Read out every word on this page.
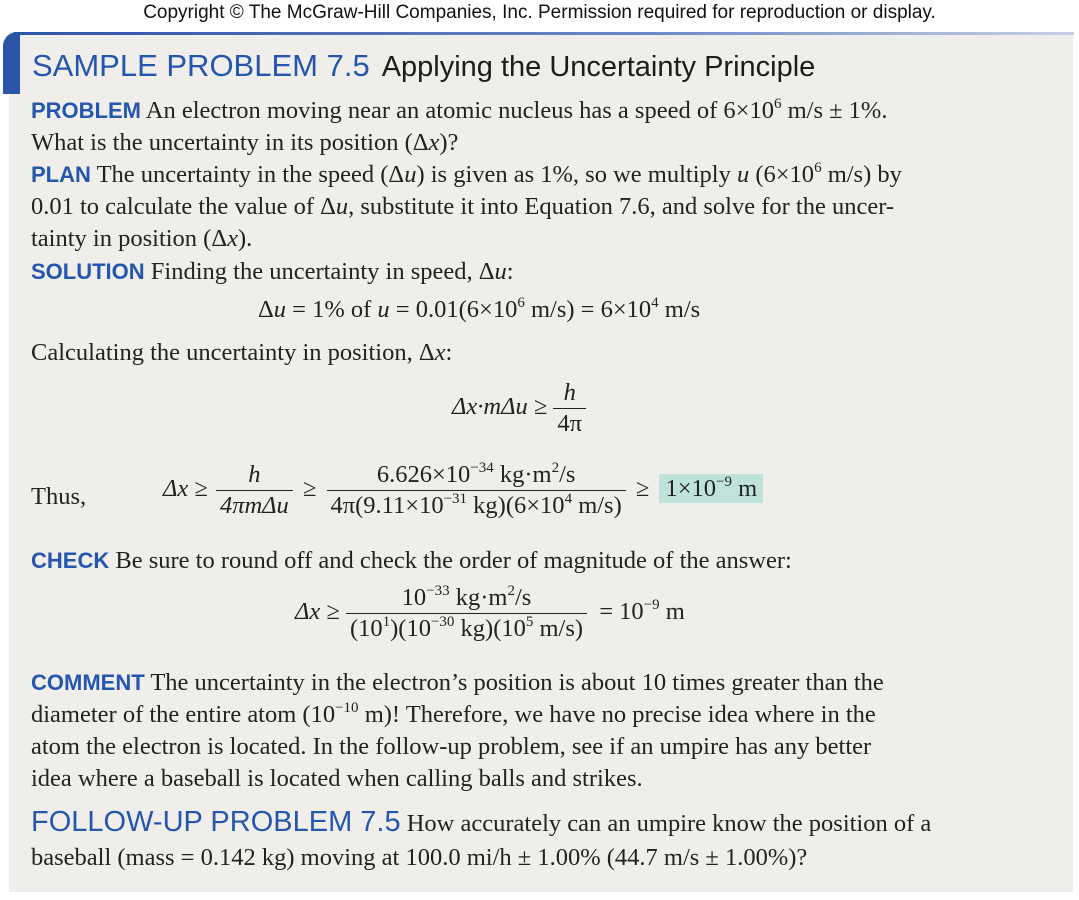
Copyright © The McGraw-Hill Companies, Inc. Permission required for reproduction or display.
SAMPLE PROBLEM 7.5 Applying the Uncertainty Principle
PROBLEM An electron moving near an atomic nucleus has a speed of $6\times 10^6$ m/s ± 1%.
What is the uncertainty in its position (Δx)?
PLAN The uncertainty in the speed (Δu) is given as 1%, so we multiply u ($6\times 10^6$ m/s) by
0.01 to calculate the value of Δu, substitute it into Equation 7.6, and solve for the uncer-
tainty in position (Δx).
SOLUTION Finding the uncertainty in speed, Δu:
Δu = 1% of $u = 0.01(6\times 10^6$ $m/s) = 6\times 10^4$ m/s
Calculating the uncertainty in position, Δx:
$\Delta x\cdot m\Delta u \ge \frac{h}{4\pi}$
Thus,	$\Delta x \ge \frac{h}{\text{4πmΔu}} \ge \frac{6.626\times 10^{-34} kg\cdot m^2/s}{4\pi(9.11\times 10^{-31} kg)(6\times 10^4 m/s)} \ge 1\times 10^{-9}$ m
CHECK Be sure to round off and check the order of magnitude of the answer:
$\Delta x \ge \frac{10^{-33} kg\cdot m^2/s}{(10^1)(10^{-30} kg)(10^5 m/s)} = 10^{-9}$ m
COMMENT The uncertainty in the electron’s position is about 10 times greater than the
diameter of the entire atom ($10^{-10}$ m)! Therefore, we have no precise idea where in the
atom the electron is located. In the follow-up problem, see if an umpire has any better
idea where a baseball is located when calling balls and strikes.
FOLLOW-UP PROBLEM 7.5 How accurately can an umpire know the position of a
baseball (mass = 0.142 kg) moving at 100.0 mi/h ± 1.00% (44.7 m/s ± 1.00%)?
